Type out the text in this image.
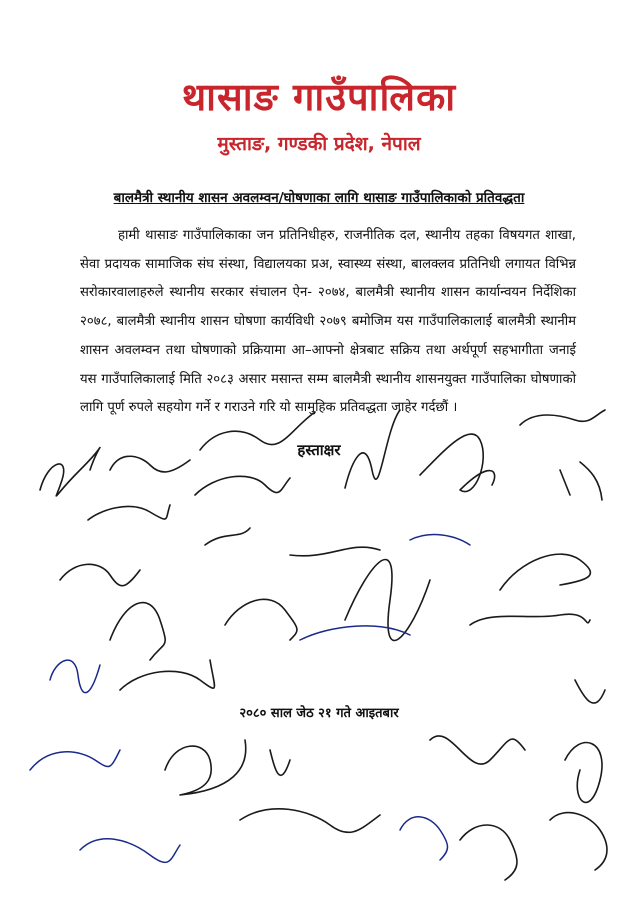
थासाङ गाउँपालिका
मुस्ताङ, गण्डकी प्रदेश, नेपाल
बालमैत्री स्थानीय शासन अवलम्वन/घोषणाका लागि थासाङ गाउँपालिकाको प्रतिवद्धता
हामी थासाङ गाउँपालिकाका जन प्रतिनिधीहरु, राजनीतिक दल, स्थानीय तहका विषयगत शाखा, सेवा प्रदायक सामाजिक संघ संस्था, विद्यालयका प्रअ, स्वास्थ्य संस्था, बालक्लव प्रतिनिधी लगायत विभिन्न सरोकारवालाहरुले स्थानीय सरकार संचालन ऐन- २०७४, बालमैत्री स्थानीय शासन कार्यान्वयन निर्देशिका २०७८, बालमैत्री स्थानीय शासन घोषणा कार्यविधी २०७९ बमोजिम यस गाउँपालिकालाई बालमैत्री स्थानीम शासन अवलम्वन तथा घोषणाको प्रक्रियामा आ–आफ्नो क्षेत्रबाट सक्रिय तथा अर्थपूर्ण सहभागीता जनाई यस गाउँपालिकालाई मिति २०८३ असार मसान्त सम्म बालमैत्री स्थानीय शासनयुक्त गाउँपालिका घोषणाको लागि पूर्ण रुपले सहयोग गर्ने र गराउने गरि यो सामुहिक प्रतिवद्धता जाहेर गर्दछौं ।
हस्ताक्षर
२०८० साल जेठ २१ गते आइतबार
